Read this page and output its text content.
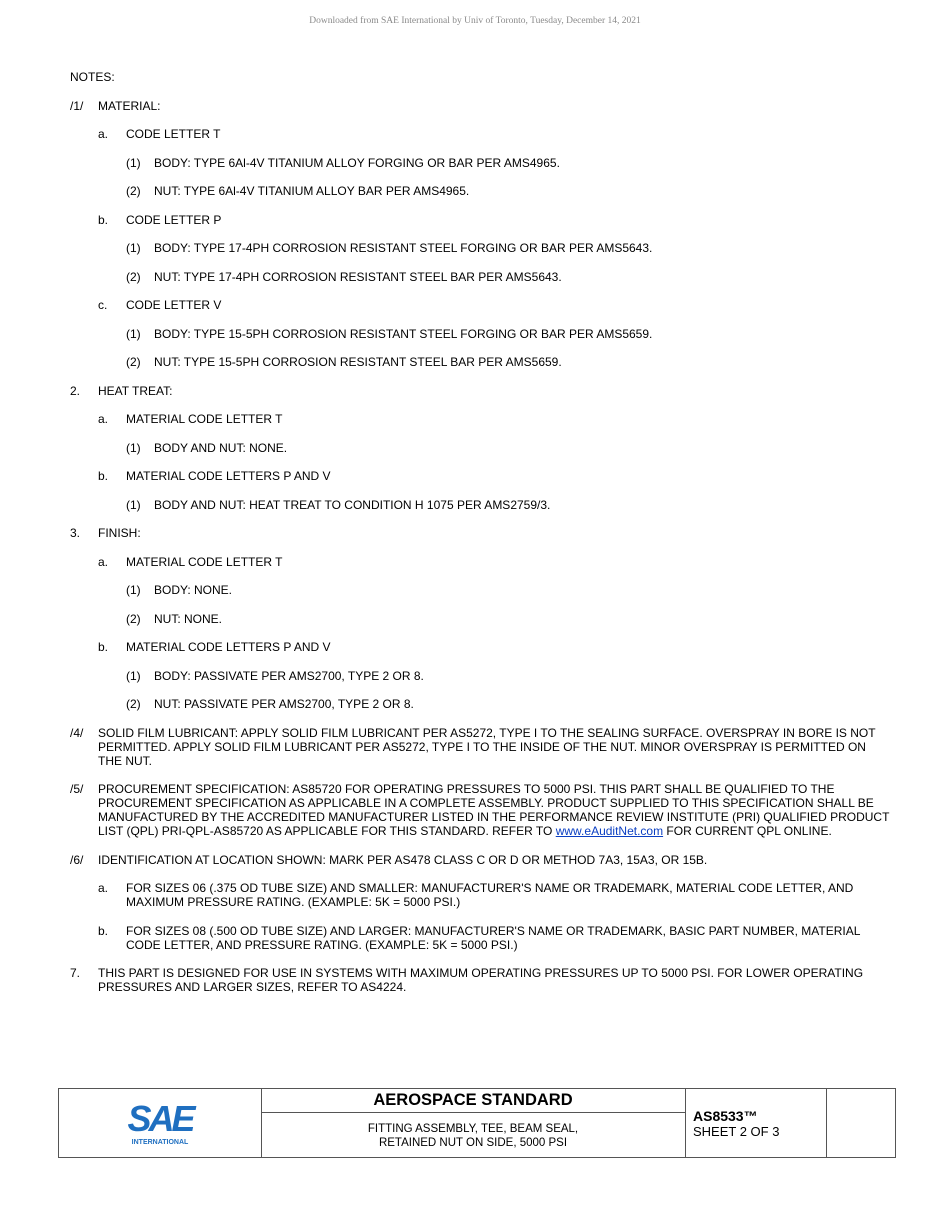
Downloaded from SAE International by Univ of Toronto, Tuesday, December 14, 2021
NOTES:
/1/ MATERIAL:
a. CODE LETTER T
(1) BODY: TYPE 6Al-4V TITANIUM ALLOY FORGING OR BAR PER AMS4965.
(2) NUT: TYPE 6Al-4V TITANIUM ALLOY BAR PER AMS4965.
b. CODE LETTER P
(1) BODY: TYPE 17-4PH CORROSION RESISTANT STEEL FORGING OR BAR PER AMS5643.
(2) NUT: TYPE 17-4PH CORROSION RESISTANT STEEL BAR PER AMS5643.
c. CODE LETTER V
(1) BODY: TYPE 15-5PH CORROSION RESISTANT STEEL FORGING OR BAR PER AMS5659.
(2) NUT: TYPE 15-5PH CORROSION RESISTANT STEEL BAR PER AMS5659.
2. HEAT TREAT:
a. MATERIAL CODE LETTER T
(1) BODY AND NUT: NONE.
b. MATERIAL CODE LETTERS P AND V
(1) BODY AND NUT: HEAT TREAT TO CONDITION H 1075 PER AMS2759/3.
3. FINISH:
a. MATERIAL CODE LETTER T
(1) BODY: NONE.
(2) NUT: NONE.
b. MATERIAL CODE LETTERS P AND V
(1) BODY: PASSIVATE PER AMS2700, TYPE 2 OR 8.
(2) NUT: PASSIVATE PER AMS2700, TYPE 2 OR 8.
/4/ SOLID FILM LUBRICANT: APPLY SOLID FILM LUBRICANT PER AS5272, TYPE I TO THE SEALING SURFACE. OVERSPRAY IN BORE IS NOT PERMITTED. APPLY SOLID FILM LUBRICANT PER AS5272, TYPE I TO THE INSIDE OF THE NUT. MINOR OVERSPRAY IS PERMITTED ON THE NUT.
/5/ PROCUREMENT SPECIFICATION: AS85720 FOR OPERATING PRESSURES TO 5000 PSI. THIS PART SHALL BE QUALIFIED TO THE PROCUREMENT SPECIFICATION AS APPLICABLE IN A COMPLETE ASSEMBLY. PRODUCT SUPPLIED TO THIS SPECIFICATION SHALL BE MANUFACTURED BY THE ACCREDITED MANUFACTURER LISTED IN THE PERFORMANCE REVIEW INSTITUTE (PRI) QUALIFIED PRODUCT LIST (QPL) PRI-QPL-AS85720 AS APPLICABLE FOR THIS STANDARD. REFER TO www.eAuditNet.com FOR CURRENT QPL ONLINE.
/6/ IDENTIFICATION AT LOCATION SHOWN: MARK PER AS478 CLASS C OR D OR METHOD 7A3, 15A3, OR 15B.
a. FOR SIZES 06 (.375 OD TUBE SIZE) AND SMALLER: MANUFACTURER'S NAME OR TRADEMARK, MATERIAL CODE LETTER, AND MAXIMUM PRESSURE RATING. (EXAMPLE: 5K = 5000 PSI.)
b. FOR SIZES 08 (.500 OD TUBE SIZE) AND LARGER: MANUFACTURER'S NAME OR TRADEMARK, BASIC PART NUMBER, MATERIAL CODE LETTER, AND PRESSURE RATING. (EXAMPLE: 5K = 5000 PSI.)
7. THIS PART IS DESIGNED FOR USE IN SYSTEMS WITH MAXIMUM OPERATING PRESSURES UP TO 5000 PSI. FOR LOWER OPERATING PRESSURES AND LARGER SIZES, REFER TO AS4224.
SAE
INTERNATIONAL
AEROSPACE STANDARD
FITTING ASSEMBLY, TEE, BEAM SEAL,
RETAINED NUT ON SIDE, 5000 PSI
AS8533™
SHEET 2 OF 3
